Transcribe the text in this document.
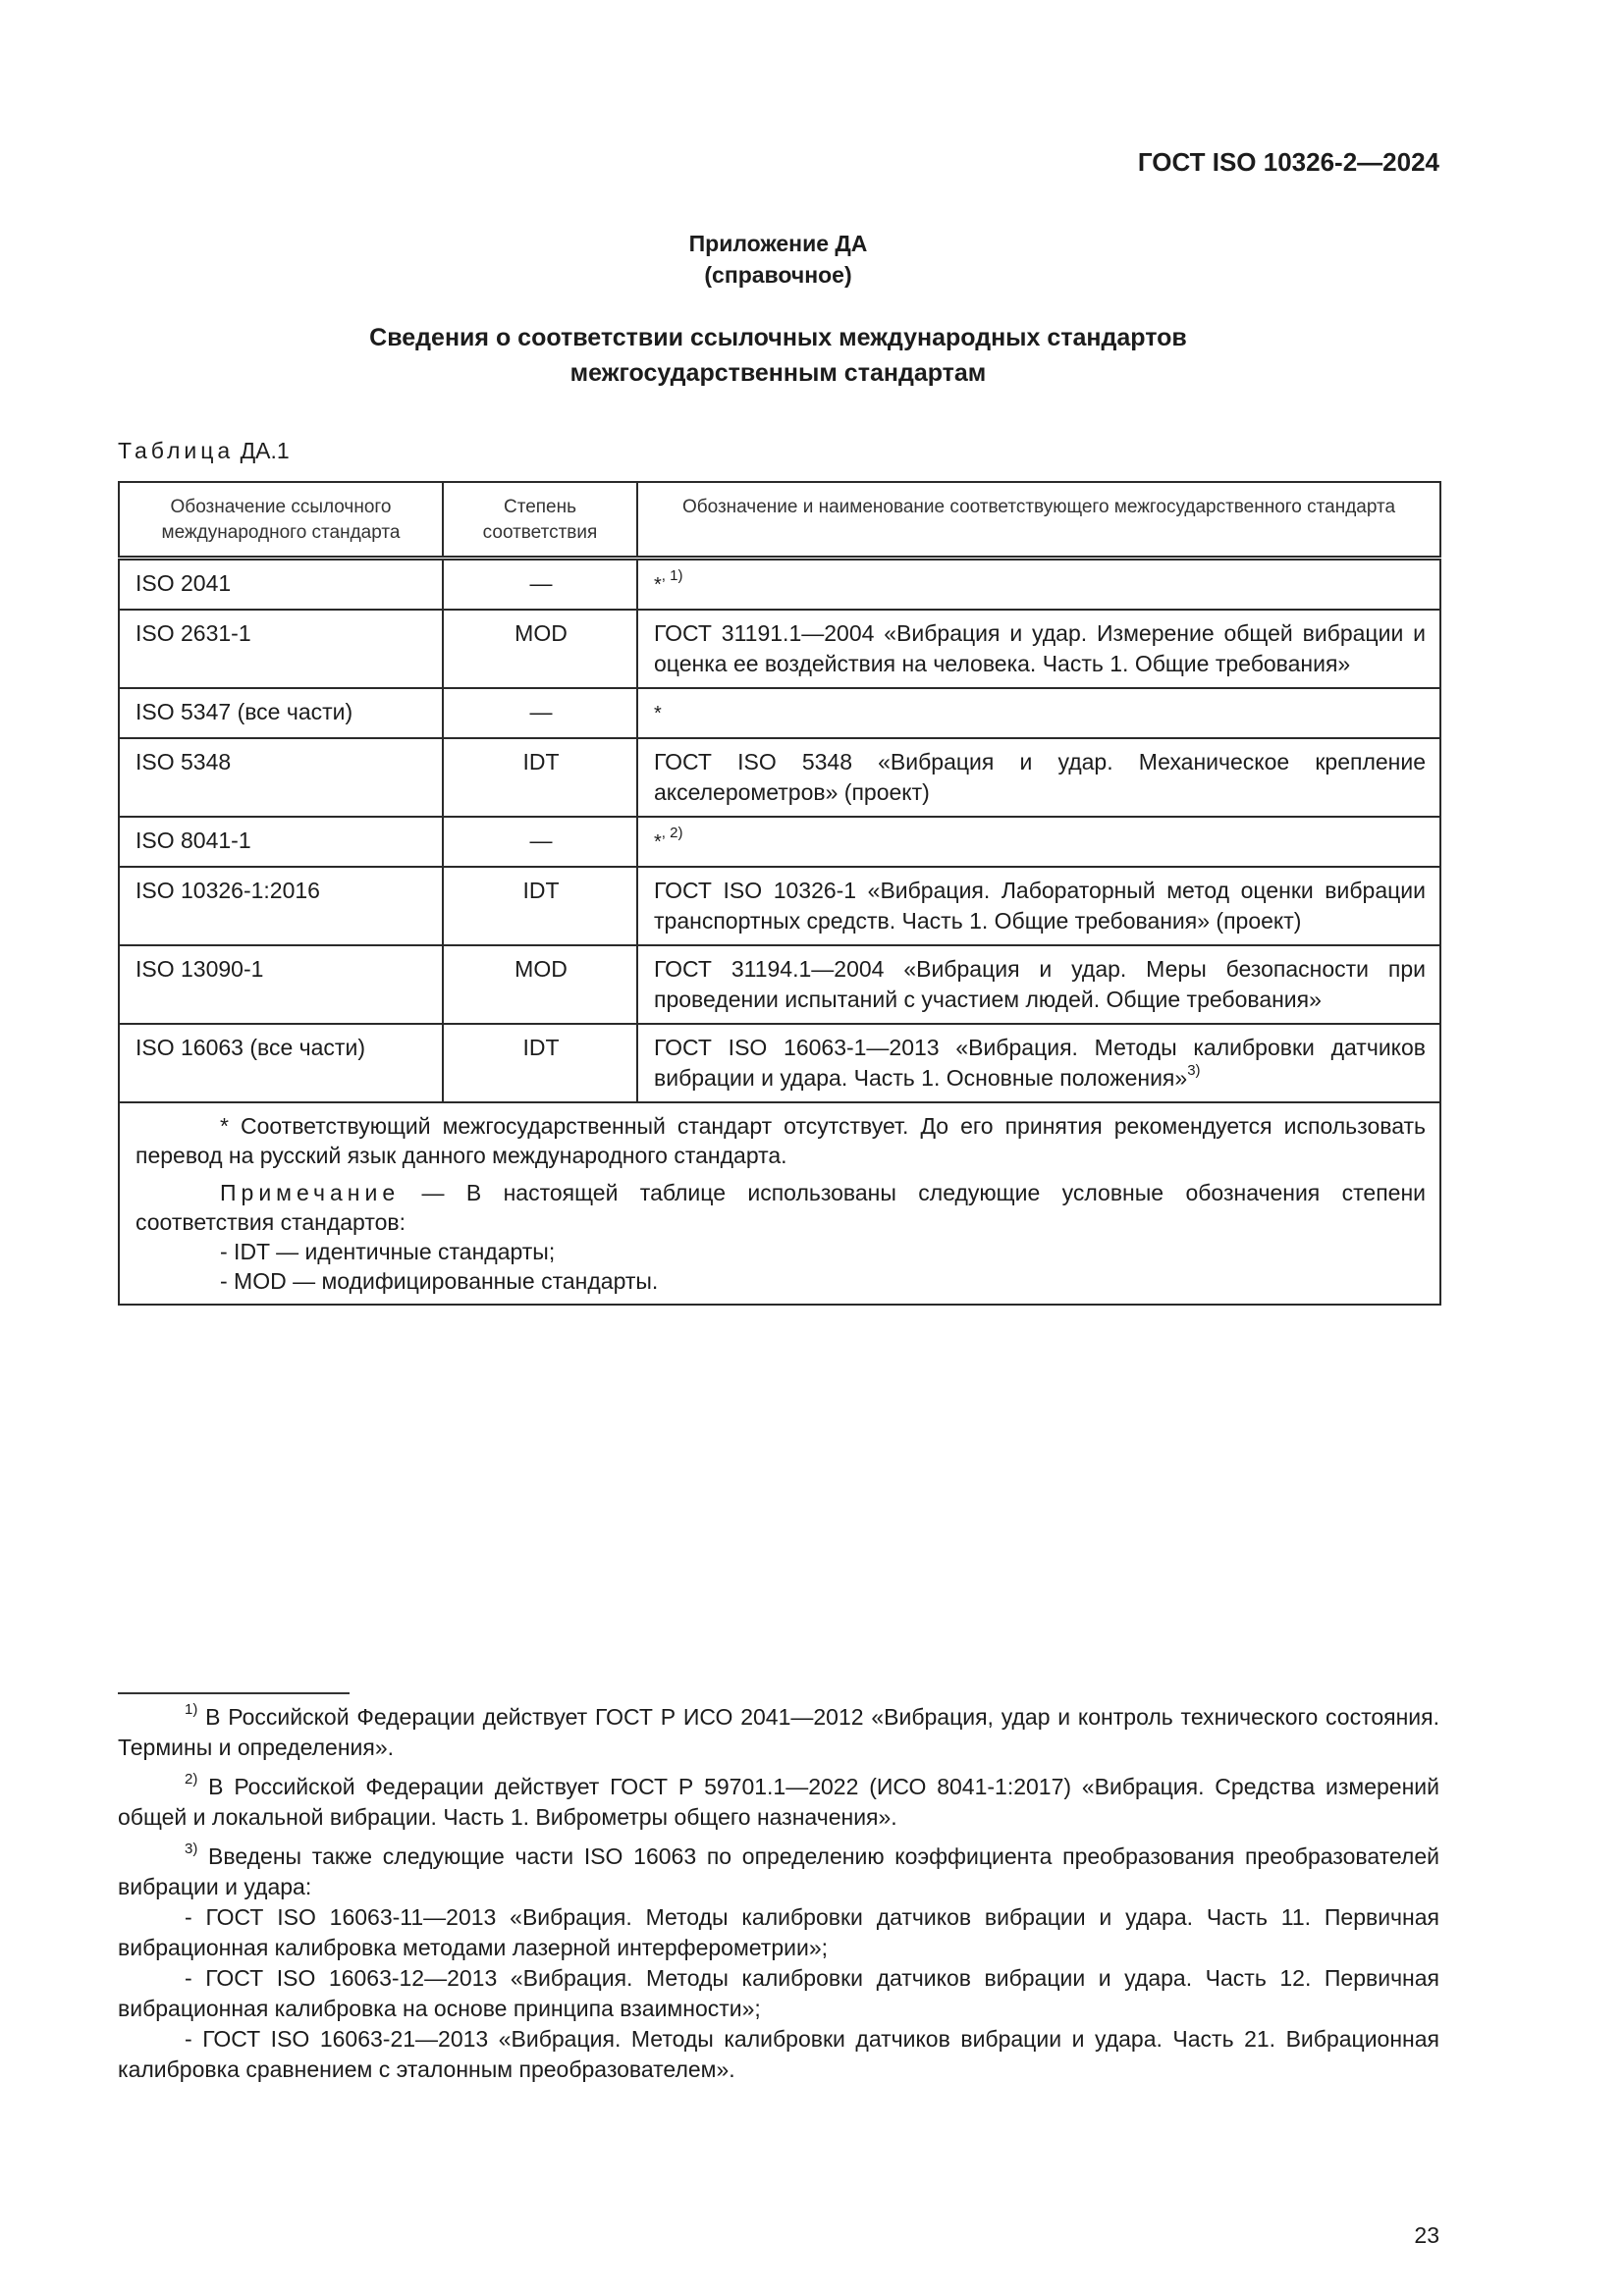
ГОСТ ISO 10326-2—2024
Приложение ДА
(справочное)
Сведения о соответствии ссылочных международных стандартов
межгосударственным стандартам
Таблица ДА.1
Обозначение ссылочного международного стандарта	Степень соответствия	Обозначение и наименование соответствующего межгосударственного стандарта
ISO 2041	—	*$^{, 1)}$
ISO 2631-1	MOD	ГОСТ 31191.1—2004 «Вибрация и удар. Измерение общей вибрации и оценка ее воздействия на человека. Часть 1. Общие требования»
ISO 5347 (все части)	—	*
ISO 5348	IDT	ГОСТ ISO 5348 «Вибрация и удар. Механическое крепление акселерометров» (проект)
ISO 8041-1	—	*$^{, 2)}$
ISO 10326-1:2016	IDT	ГОСТ ISO 10326-1 «Вибрация. Лабораторный метод оценки вибрации транспортных средств. Часть 1. Общие требования» (проект)
ISO 13090-1	MOD	ГОСТ 31194.1—2004 «Вибрация и удар. Меры безопасности при проведении испытаний с участием людей. Общие требования»
ISO 16063 (все части)	IDT	ГОСТ ISO 16063-1—2013 «Вибрация. Методы калибровки датчиков вибрации и удара. Часть 1. Основные положения»$^{3)}$

* Соответствующий межгосударственный стандарт отсутствует. До его принятия рекомендуется использовать перевод на русский язык данного международного стандарта.

Примечание — В настоящей таблице использованы следующие условные обозначения степени соответствия стандартов:

- IDT — идентичные стандарты;
- MOD — модифицированные стандарты.		

$^{1)}$ В Российской Федерации действует ГОСТ Р ИСО 2041—2012 «Вибрация, удар и контроль технического состояния. Термины и определения».

$^{2)}$ В Российской Федерации действует ГОСТ Р 59701.1—2022 (ИСО 8041-1:2017) «Вибрация. Средства измерений общей и локальной вибрации. Часть 1. Виброметры общего назначения».

$^{3)}$ Введены также следующие части ISO 16063 по определению коэффициента преобразования преобразователей вибрации и удара:

- ГОСТ ISO 16063-11—2013 «Вибрация. Методы калибровки датчиков вибрации и удара. Часть 11. Первичная вибрационная калибровка методами лазерной интерферометрии»;

- ГОСТ ISO 16063-12—2013 «Вибрация. Методы калибровки датчиков вибрации и удара. Часть 12. Первичная вибрационная калибровка на основе принципа взаимности»;

- ГОСТ ISO 16063-21—2013 «Вибрация. Методы калибровки датчиков вибрации и удара. Часть 21. Вибрационная калибровка сравнением с эталонным преобразователем».

23
